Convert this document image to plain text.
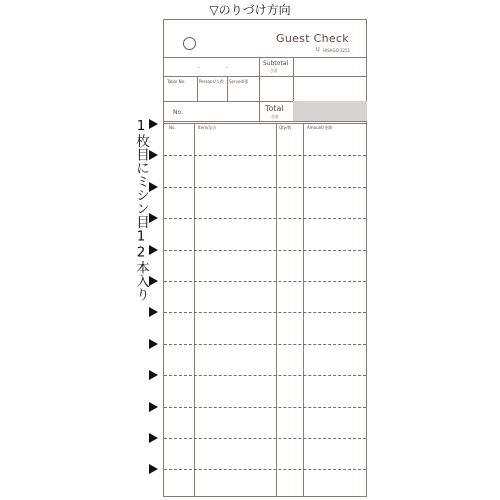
▽のりづけ方向
1枚目にミシン目12本入り
Guest Check
ᑌ HISAGO 3251
.	.	Subtotal
小計
Table No.	Persons/人数 Served/係
No.	Total
合計
No.	Item/品名	Qty/数	Amount/金額
